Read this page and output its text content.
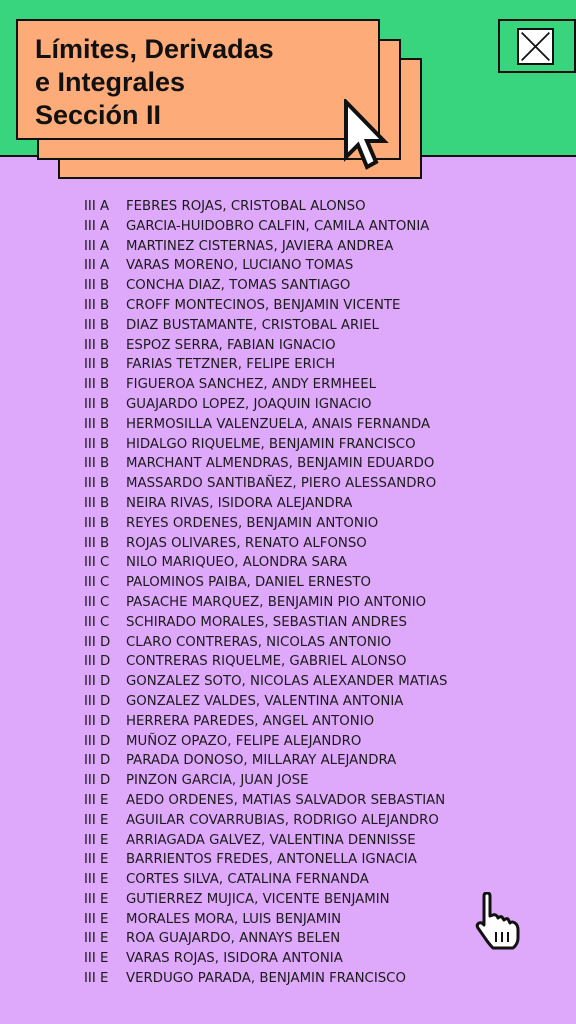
Límites, Derivadas
e Integrales
Sección II
III A FEBRES ROJAS, CRISTOBAL ALONSO
III A GARCIA-HUIDOBRO CALFIN, CAMILA ANTONIA
III A MARTINEZ CISTERNAS, JAVIERA ANDREA
III A VARAS MORENO, LUCIANO TOMAS
III B CONCHA DIAZ, TOMAS SANTIAGO
III B CROFF MONTECINOS, BENJAMIN VICENTE
III B DIAZ BUSTAMANTE, CRISTOBAL ARIEL
III B ESPOZ SERRA, FABIAN IGNACIO
III B FARIAS TETZNER, FELIPE ERICH
III B FIGUEROA SANCHEZ, ANDY ERMHEEL
III B GUAJARDO LOPEZ, JOAQUIN IGNACIO
III B HERMOSILLA VALENZUELA, ANAIS FERNANDA
III B HIDALGO RIQUELME, BENJAMIN FRANCISCO
III B MARCHANT ALMENDRAS, BENJAMIN EDUARDO
III B MASSARDO SANTIBAÑEZ, PIERO ALESSANDRO
III B NEIRA RIVAS, ISIDORA ALEJANDRA
III B REYES ORDENES, BENJAMIN ANTONIO
III B ROJAS OLIVARES, RENATO ALFONSO
III C NILO MARIQUEO, ALONDRA SARA
III C PALOMINOS PAIBA, DANIEL ERNESTO
III C PASACHE MARQUEZ, BENJAMIN PIO ANTONIO
III C SCHIRADO MORALES, SEBASTIAN ANDRES
III D CLARO CONTRERAS, NICOLAS ANTONIO
III D CONTRERAS RIQUELME, GABRIEL ALONSO
III D GONZALEZ SOTO, NICOLAS ALEXANDER MATIAS
III D GONZALEZ VALDES, VALENTINA ANTONIA
III D HERRERA PAREDES, ANGEL ANTONIO
III D MUÑOZ OPAZO, FELIPE ALEJANDRO
III D PARADA DONOSO, MILLARAY ALEJANDRA
III D PINZON GARCIA, JUAN JOSE
III E AEDO ORDENES, MATIAS SALVADOR SEBASTIAN
III E AGUILAR COVARRUBIAS, RODRIGO ALEJANDRO
III E ARRIAGADA GALVEZ, VALENTINA DENNISSE
III E BARRIENTOS FREDES, ANTONELLA IGNACIA
III E CORTES SILVA, CATALINA FERNANDA
III E GUTIERREZ MUJICA, VICENTE BENJAMIN
III E MORALES MORA, LUIS BENJAMIN
III E ROA GUAJARDO, ANNAYS BELEN
III E VARAS ROJAS, ISIDORA ANTONIA
III E VERDUGO PARADA, BENJAMIN FRANCISCO
